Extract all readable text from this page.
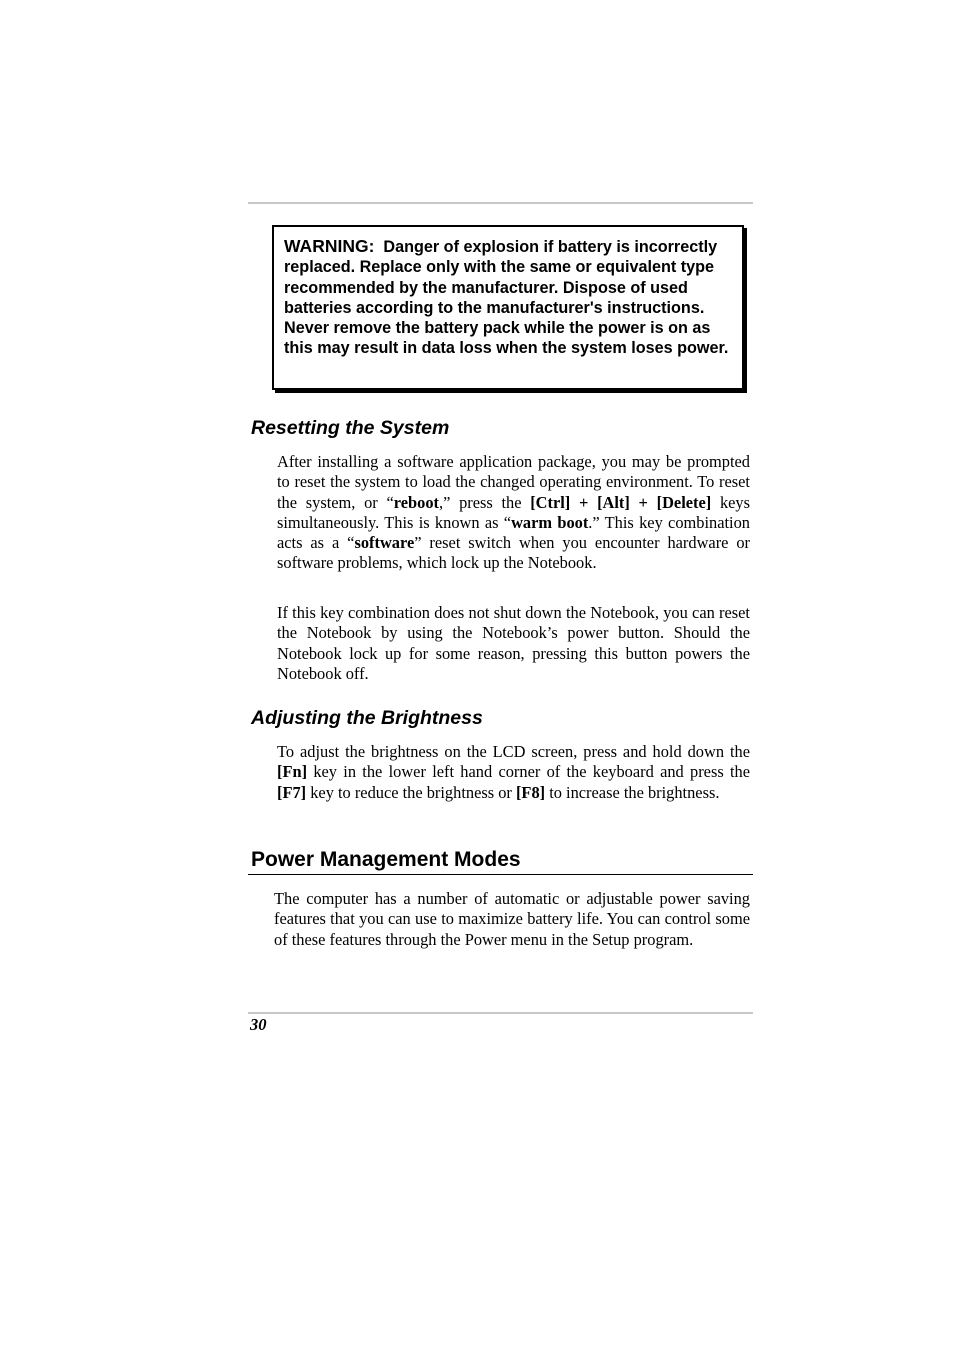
WARNING: Danger of explosion if battery is incorrectly replaced. Replace only with the same or equivalent type recommended by the manufacturer. Dispose of used batteries according to the manufacturer's instructions. Never remove the battery pack while the power is on as this may result in data loss when the system loses power.
Resetting the System

After installing a software application package, you may be prompted to reset the system to load the changed operating environment. To reset the system, or “reboot,” press the [Ctrl] + [Alt] + [Delete] keys simultaneously. This is known as “warm boot.” This key combination acts as a “software” reset switch when you encounter hardware or software problems, which lock up the Notebook.

If this key combination does not shut down the Notebook, you can reset the Notebook by using the Notebook’s power button. Should the Notebook lock up for some reason, pressing this button powers the Notebook off.

Adjusting the Brightness

To adjust the brightness on the LCD screen, press and hold down the [Fn] key in the lower left hand corner of the keyboard and press the [F7] key to reduce the brightness or [F8] to increase the brightness.

Power Management Modes

The computer has a number of automatic or adjustable power saving features that you can use to maximize battery life. You can control some of these features through the Power menu in the Setup program.

30
